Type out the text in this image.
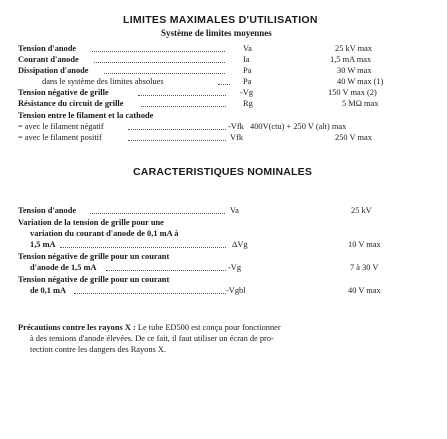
LIMITES MAXIMALES D'UTILISATION
Système de limites moyennes
Tension d'anode	Va	25 kV max
Courant d'anode	Ia	1,5 mA max
Dissipation d'anode	Pa	30 W max
dans le système des limites absolues	Pa	40 W max (1)
Tension négative de grille	-Vg	150 V max (2)
Résistance du circuit de grille	Rg	5 MΩ max
Tension entre le filament et la cathode
= avec le filament négatif	-Vfk 400V(ctu) + 250 V (alt) max
= avec le filament positif	Vfk	250 V max
CARACTERISTIQUES NOMINALES
Tension d'anode	Va	25 kV
Variation de la tension de grille pour une
variation du courant d'anode de 0,1 mA à
1,5 mA	ΔVg	10 V max
Tension négative de grille pour un courant
d'anode de 1,5 mA	-Vg	7 à 30 V
Tension négative de grille pour un courant
de 0,1 mA	-Vgbl	40 V max
Précautions contre les rayons X : Le tube ED500 est conçu pour fonctionner
à des tensions d'anode élevées. De ce fait, il faut utiliser un écran de pro-
tection contre les dangers des Rayons X.
